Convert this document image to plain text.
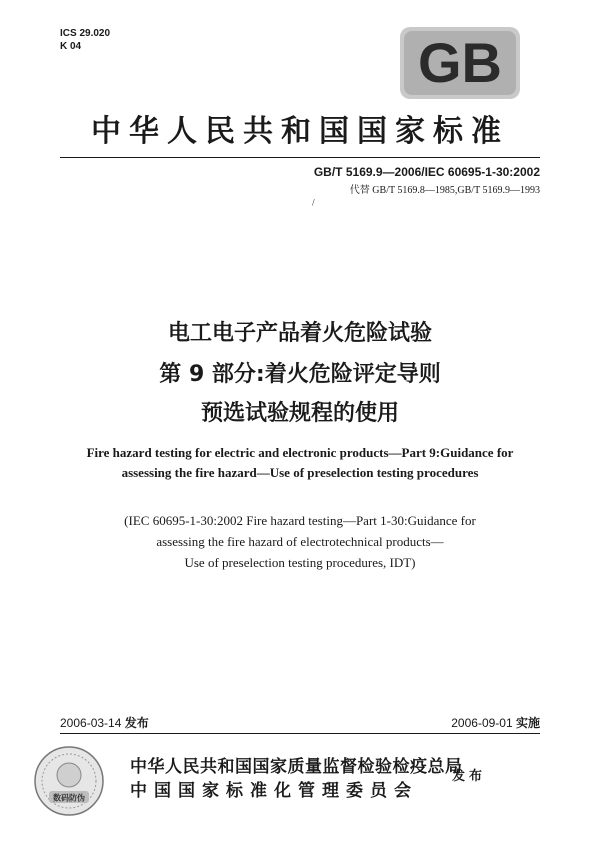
ICS 29.020
K 04	GB
中华人民共和国国家标准
GB/T 5169.9—2006/IEC 60695-1-30:2002
代替 GB/T 5169.8—1985,GB/T 5169.9—1993
/
电工电子产品着火危险试验
第 9 部分:着火危险评定导则
预选试验规程的使用
Fire hazard testing for electric and electronic products—Part 9:Guidance for
assessing the fire hazard—Use of preselection testing procedures
(IEC 60695-1-30:2002 Fire hazard testing—Part 1-30:Guidance for
assessing the fire hazard of electrotechnical products—
Use of preselection testing procedures, IDT)
2006-03-14 发布	2006-09-01 实施
数码防伪
中华人民共和国国家质量监督检验检疫总局
中国国家标准化管理委员会
发布
